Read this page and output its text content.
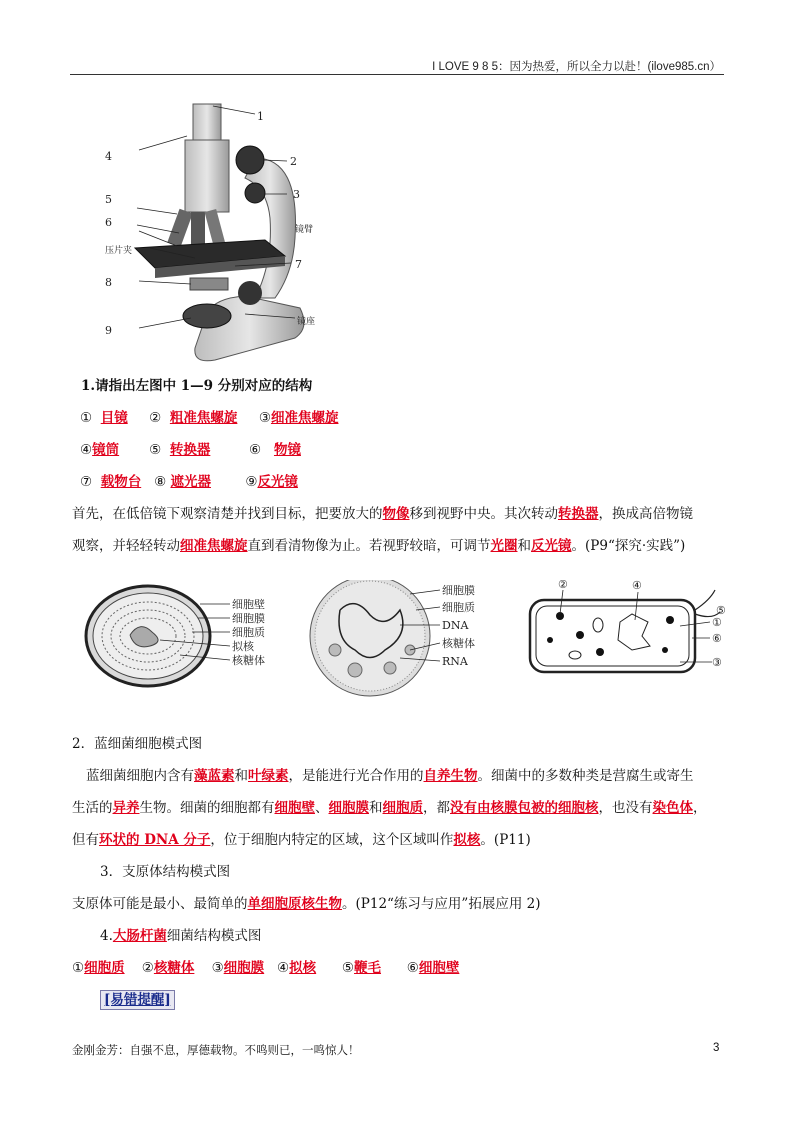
I LOVE 9 8 5：因为热爱，所以全力以赴！(ilove985.cn）
1
2
3
4
5
6
压片夹
镜臂
7
8
9
镜座
1.请指出左图中 1—9 分别对应的结构
① 目镜 ② 粗准焦螺旋 ③细准焦螺旋
④镜筒 ⑤ 转换器	⑥ 物镜
⑦ 载物台 ⑧ 遮光器	⑨反光镜
首先，在低倍镜下观察清楚并找到目标，把要放大的物像移到视野中央。其次转动转换器，换成高倍物镜
观察，并轻轻转动细准焦螺旋直到看清物像为止。若视野较暗，可调节光圈和反光镜。(P9“探究·实践”)
细胞壁
细胞膜
细胞质
拟核
核糖体
细胞膜
细胞质
DNA
核糖体
RNA
②	④
⑤
①
⑥
③
2．蓝细菌细胞模式图
蓝细菌细胞内含有藻蓝素和叶绿素，是能进行光合作用的自养生物。细菌中的多数种类是营腐生或寄生
生活的异养生物。细菌的细胞都有细胞壁、细胞膜和细胞质，都没有由核膜包被的细胞核，也没有染色体，
但有环状的 DNA 分子，位于细胞内特定的区域，这个区域叫作拟核。(P11)
3．支原体结构模式图
支原体可能是最小、最简单的单细胞原核生物。(P12“练习与应用”拓展应用 2)
4.大肠杆菌细菌结构模式图
①细胞质 ②核糖体 ③细胞膜 ④拟核 ⑤鞭毛 ⑥细胞壁
[易错提醒]
金刚金芳：自强不息，厚德载物。不鸣则已，一鸣惊人！	3
